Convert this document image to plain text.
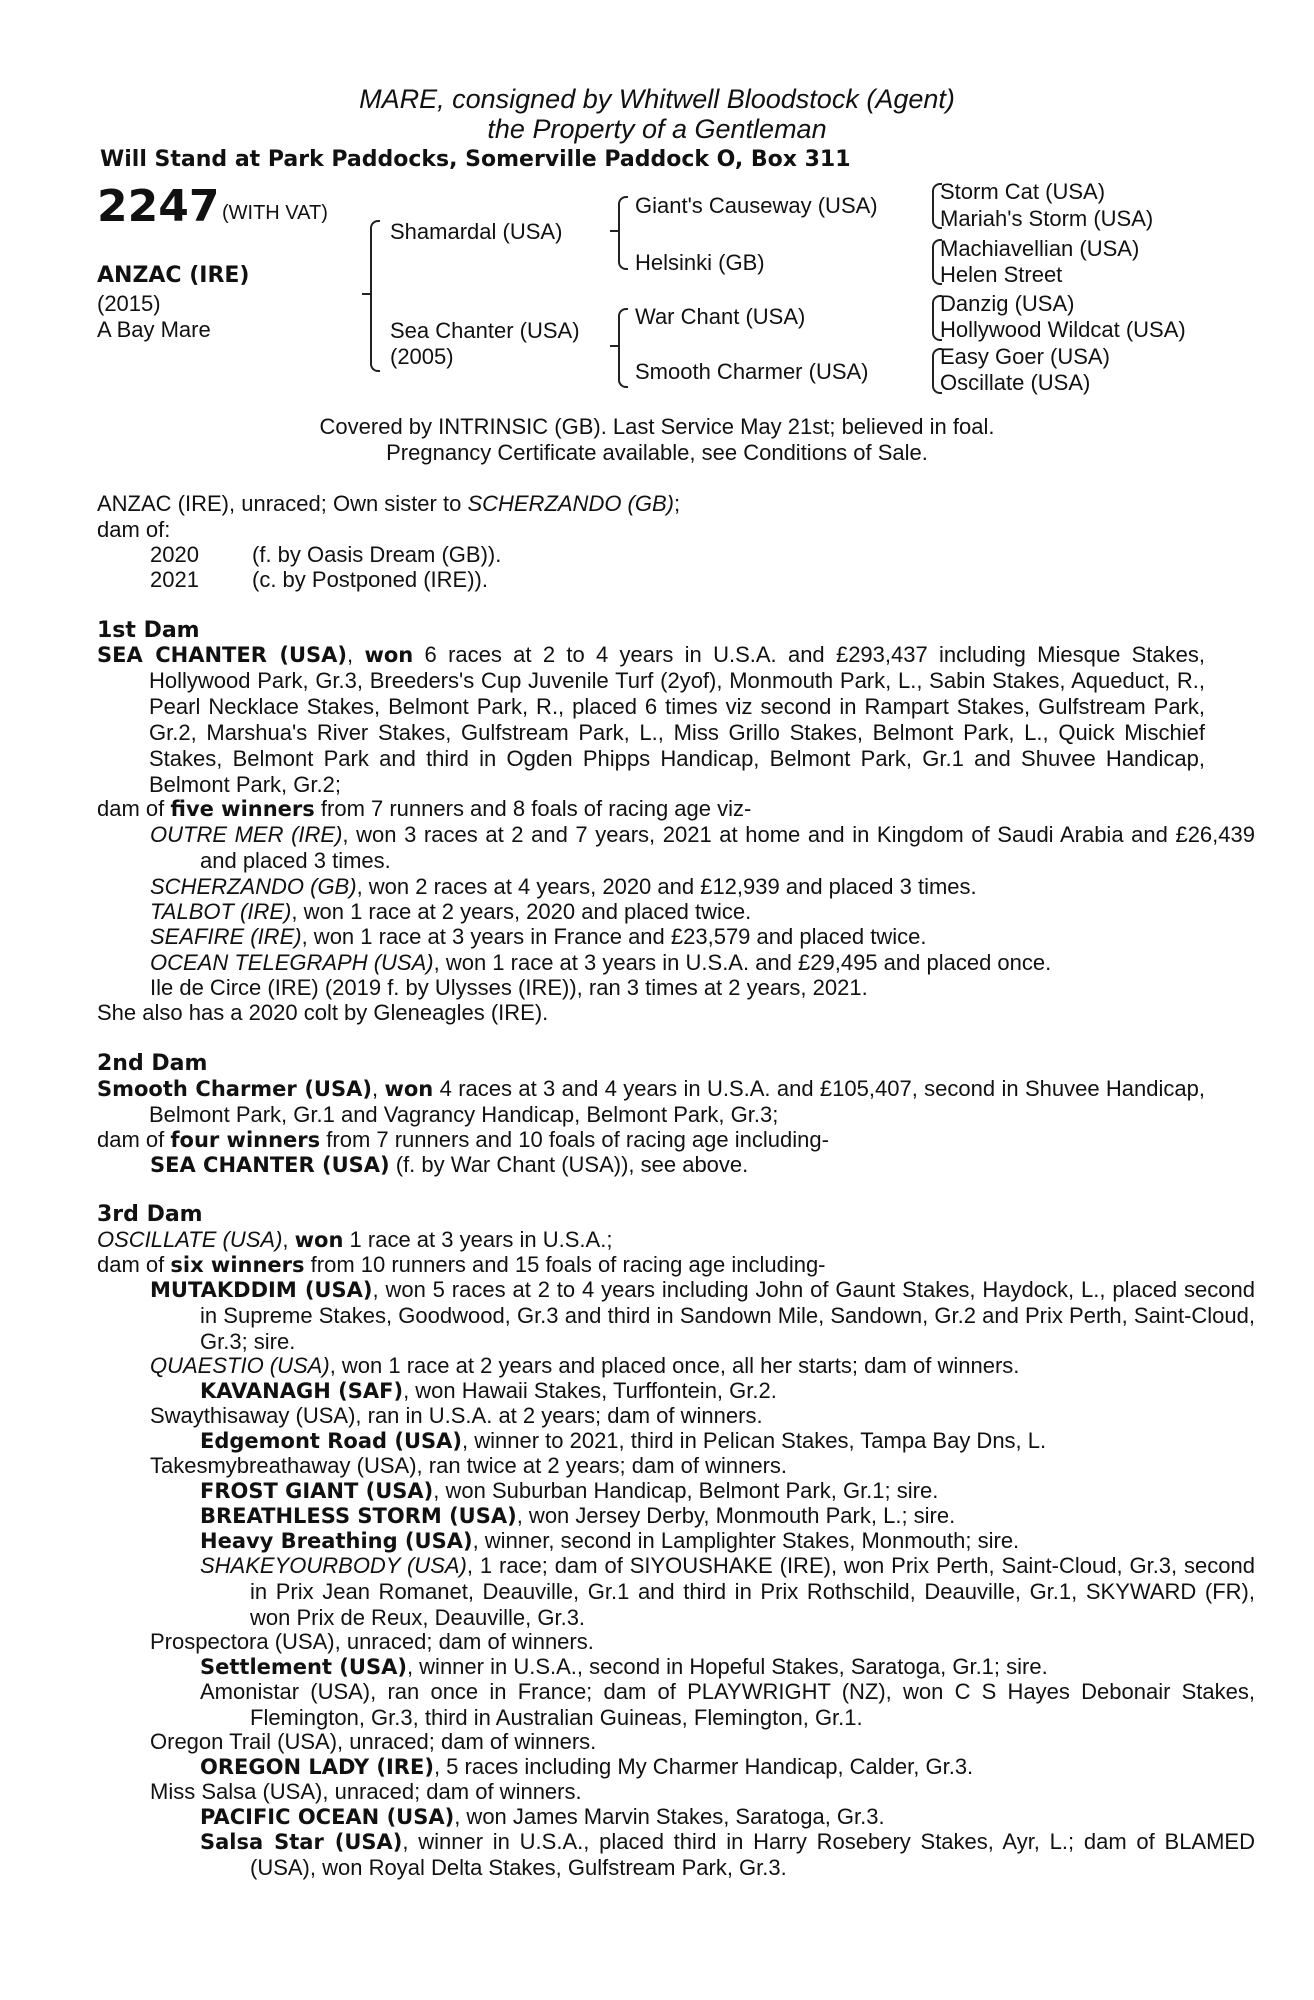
MARE, consigned by Whitwell Bloodstock (Agent)
the Property of a Gentleman
Will Stand at Park Paddocks, Somerville Paddock O, Box 311
2247 (WITH VAT)
ANZAC (IRE)
(2015)
A Bay Mare
Shamardal (USA)
Sea Chanter (USA)
(2005)
Giant's Causeway (USA)
Helsinki (GB)
War Chant (USA)
Smooth Charmer (USA)
Storm Cat (USA)
Mariah's Storm (USA)
Machiavellian (USA)
Helen Street
Danzig (USA)
Hollywood Wildcat (USA)
Easy Goer (USA)
Oscillate (USA)
Covered by INTRINSIC (GB). Last Service May 21st; believed in foal.
Pregnancy Certificate available, see Conditions of Sale.
ANZAC (IRE), unraced; Own sister to SCHERZANDO (GB);
dam of:
2020 (f. by Oasis Dream (GB)).
2021 (c. by Postponed (IRE)).
1st Dam
SEA CHANTER (USA), won 6 races at 2 to 4 years in U.S.A. and £293,437 including Miesque Stakes, Hollywood Park, Gr.3, Breeders's Cup Juvenile Turf (2yof), Monmouth Park, L., Sabin Stakes, Aqueduct, R., Pearl Necklace Stakes, Belmont Park, R., placed 6 times viz second in Rampart Stakes, Gulfstream Park, Gr.2, Marshua's River Stakes, Gulfstream Park, L., Miss Grillo Stakes, Belmont Park, L., Quick Mischief Stakes, Belmont Park and third in Ogden Phipps Handicap, Belmont Park, Gr.1 and Shuvee Handicap, Belmont Park, Gr.2;
dam of five winners from 7 runners and 8 foals of racing age viz-
OUTRE MER (IRE), won 3 races at 2 and 7 years, 2021 at home and in Kingdom of Saudi Arabia and £26,439 and placed 3 times.
SCHERZANDO (GB), won 2 races at 4 years, 2020 and £12,939 and placed 3 times.
TALBOT (IRE), won 1 race at 2 years, 2020 and placed twice.
SEAFIRE (IRE), won 1 race at 3 years in France and £23,579 and placed twice.
OCEAN TELEGRAPH (USA), won 1 race at 3 years in U.S.A. and £29,495 and placed once.
Ile de Circe (IRE) (2019 f. by Ulysses (IRE)), ran 3 times at 2 years, 2021.
She also has a 2020 colt by Gleneagles (IRE).
2nd Dam
Smooth Charmer (USA), won 4 races at 3 and 4 years in U.S.A. and £105,407, second in Shuvee Handicap, Belmont Park, Gr.1 and Vagrancy Handicap, Belmont Park, Gr.3;
dam of four winners from 7 runners and 10 foals of racing age including-
SEA CHANTER (USA) (f. by War Chant (USA)), see above.
3rd Dam
OSCILLATE (USA), won 1 race at 3 years in U.S.A.;
dam of six winners from 10 runners and 15 foals of racing age including-
MUTAKDDIM (USA), won 5 races at 2 to 4 years including John of Gaunt Stakes, Haydock, L., placed second in Supreme Stakes, Goodwood, Gr.3 and third in Sandown Mile, Sandown, Gr.2 and Prix Perth, Saint-Cloud, Gr.3; sire.
QUAESTIO (USA), won 1 race at 2 years and placed once, all her starts; dam of winners.
KAVANAGH (SAF), won Hawaii Stakes, Turffontein, Gr.2.
Swaythisaway (USA), ran in U.S.A. at 2 years; dam of winners.
Edgemont Road (USA), winner to 2021, third in Pelican Stakes, Tampa Bay Dns, L.
Takesmybreathaway (USA), ran twice at 2 years; dam of winners.
FROST GIANT (USA), won Suburban Handicap, Belmont Park, Gr.1; sire.
BREATHLESS STORM (USA), won Jersey Derby, Monmouth Park, L.; sire.
Heavy Breathing (USA), winner, second in Lamplighter Stakes, Monmouth; sire.
SHAKEYOURBODY (USA), 1 race; dam of SIYOUSHAKE (IRE), won Prix Perth, Saint-Cloud, Gr.3, second in Prix Jean Romanet, Deauville, Gr.1 and third in Prix Rothschild, Deauville, Gr.1, SKYWARD (FR), won Prix de Reux, Deauville, Gr.3.
Prospectora (USA), unraced; dam of winners.
Settlement (USA), winner in U.S.A., second in Hopeful Stakes, Saratoga, Gr.1; sire.
Amonistar (USA), ran once in France; dam of PLAYWRIGHT (NZ), won C S Hayes Debonair Stakes, Flemington, Gr.3, third in Australian Guineas, Flemington, Gr.1.
Oregon Trail (USA), unraced; dam of winners.
OREGON LADY (IRE), 5 races including My Charmer Handicap, Calder, Gr.3.
Miss Salsa (USA), unraced; dam of winners.
PACIFIC OCEAN (USA), won James Marvin Stakes, Saratoga, Gr.3.
Salsa Star (USA), winner in U.S.A., placed third in Harry Rosebery Stakes, Ayr, L.; dam of BLAMED (USA), won Royal Delta Stakes, Gulfstream Park, Gr.3.
